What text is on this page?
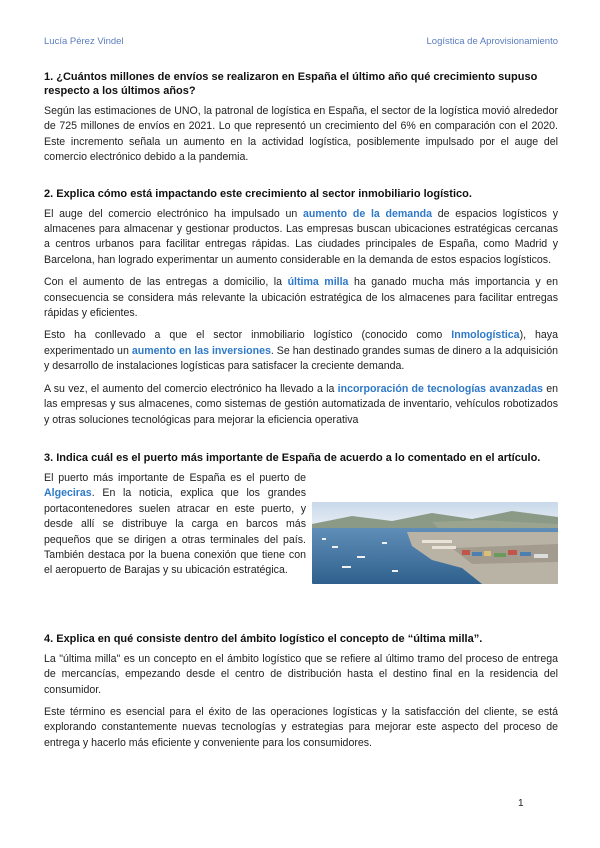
Lucía Pérez Vindel	Logística de Aprovisionamiento
1. ¿Cuántos millones de envíos se realizaron en España el último año qué crecimiento supuso respecto a los últimos años?

Según las estimaciones de UNO, la patronal de logística en España, el sector de la logística movió alrededor de 725 millones de envíos en 2021. Lo que representó un crecimiento del 6% en comparación con el 2020. Este incremento señala un aumento en la actividad logística, posiblemente impulsado por el auge del comercio electrónico debido a la pandemia.

2. Explica cómo está impactando este crecimiento al sector inmobiliario logístico.

El auge del comercio electrónico ha impulsado un aumento de la demanda de espacios logísticos y almacenes para almacenar y gestionar productos. Las empresas buscan ubicaciones estratégicas cercanas a centros urbanos para facilitar entregas rápidas. Las ciudades principales de España, como Madrid y Barcelona, han logrado experimentar un aumento considerable en la demanda de estos espacios logísticos.

Con el aumento de las entregas a domicilio, la última milla ha ganado mucha más importancia y en consecuencia se considera más relevante la ubicación estratégica de los almacenes para facilitar entregas rápidas y eficientes.

Esto ha conllevado a que el sector inmobiliario logístico (conocido como Inmologística), haya experimentado un aumento en las inversiones. Se han destinado grandes sumas de dinero a la adquisición y desarrollo de instalaciones logísticas para satisfacer la creciente demanda.

A su vez, el aumento del comercio electrónico ha llevado a la incorporación de tecnologías avanzadas en las empresas y sus almacenes, como sistemas de gestión automatizada de inventario, vehículos robotizados y otras soluciones tecnológicas para mejorar la eficiencia operativa

3. Indica cuál es el puerto más importante de España de acuerdo a lo comentado en el artículo.

El puerto más importante de España es el puerto de Algeciras. En la noticia, explica que los grandes portacontenedores suelen atracar en este puerto, y desde allí se distribuye la carga en barcos más pequeños que se dirigen a otras terminales del país. También destaca por la buena conexión que tiene con el aeropuerto de Barajas y su ubicación estratégica.

4. Explica en qué consiste dentro del ámbito logístico el concepto de “última milla”.

La "última milla" es un concepto en el ámbito logístico que se refiere al último tramo del proceso de entrega de mercancías, empezando desde el centro de distribución hasta el destino final en la residencia del consumidor.

Este término es esencial para el éxito de las operaciones logísticas y la satisfacción del cliente, se está explorando constantemente nuevas tecnologías y estrategias para mejorar este aspecto del proceso de entrega y hacerlo más eficiente y conveniente para los consumidores.

1
